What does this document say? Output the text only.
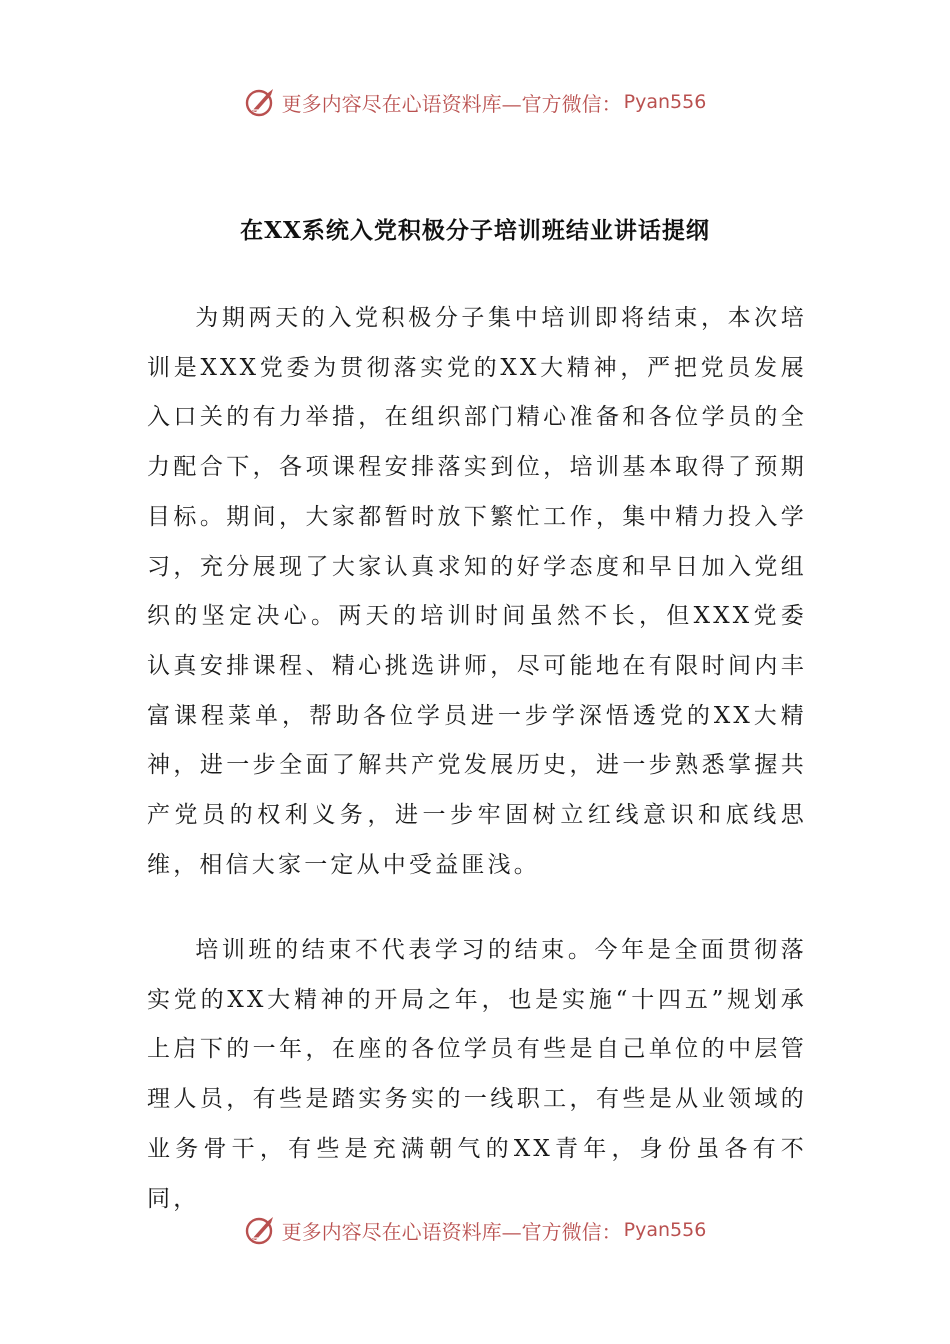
更多内容尽在心语资料库—官方微信： Pyan556
在XX系统入党积极分子培训班结业讲话提纲

为期两天的入党积极分子集中培训即将结束，本次培训是XXX党委为贯彻落实党的XX大精神，严把党员发展入口关的有力举措，在组织部门精心准备和各位学员的全力配合下，各项课程安排落实到位，培训基本取得了预期目标。期间，大家都暂时放下繁忙工作，集中精力投入学习，充分展现了大家认真求知的好学态度和早日加入党组织的坚定决心。两天的培训时间虽然不长，但XXX党委认真安排课程、精心挑选讲师，尽可能地在有限时间内丰富课程菜单，帮助各位学员进一步学深悟透党的XX大精神，进一步全面了解共产党发展历史，进一步熟悉掌握共产党员的权利义务，进一步牢固树立红线意识和底线思维，相信大家一定从中受益匪浅。

培训班的结束不代表学习的结束。今年是全面贯彻落实党的XX大精神的开局之年，也是实施“十四五”规划承上启下的一年，在座的各位学员有些是自己单位的中层管理人员，有些是踏实务实的一线职工，有些是从业领域的业务骨干，有些是充满朝气的XX青年，身份虽各有不同，

更多内容尽在心语资料库—官方微信： Pyan556
